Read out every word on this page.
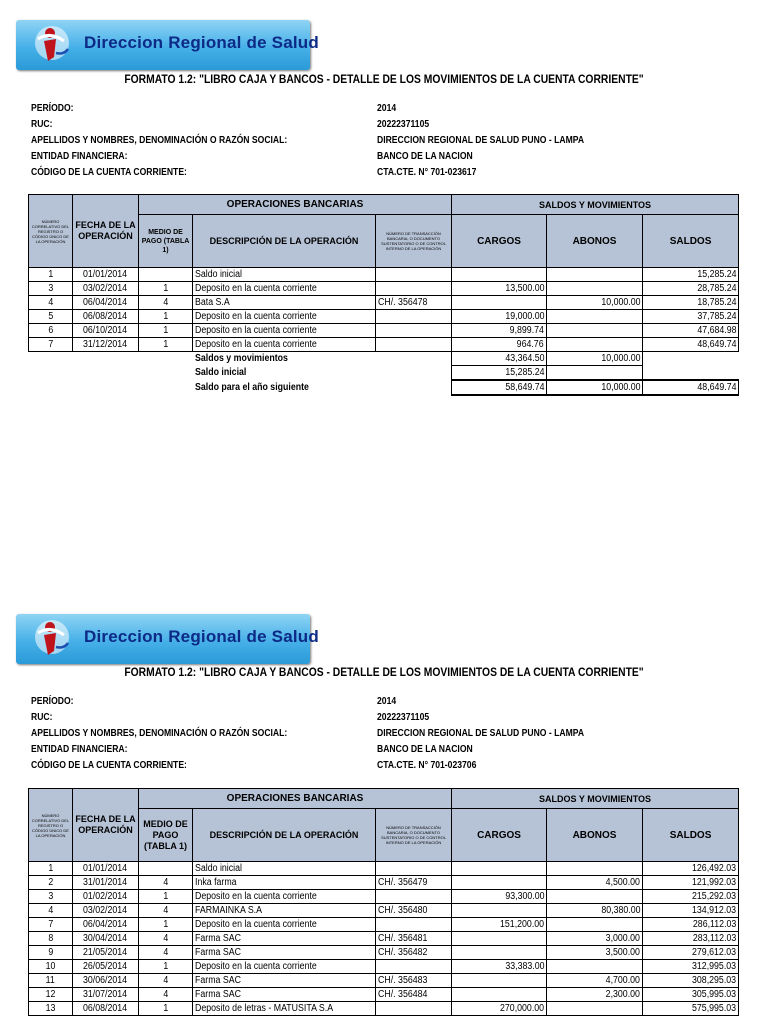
Direccion Regional de Salud
FORMATO 1.2: "LIBRO CAJA Y BANCOS - DETALLE DE LOS MOVIMIENTOS DE LA CUENTA CORRIENTE"
PERÍODO:	2014
RUC:	20222371105
APELLIDOS Y NOMBRES, DENOMINACIÓN O RAZÓN SOCIAL:	DIRECCION REGIONAL DE SALUD PUNO - LAMPA
ENTIDAD FINANCIERA:	BANCO DE LA NACION
CÓDIGO DE LA CUENTA CORRIENTE:	CTA.CTE. N° 701-023617
NÚMERO CORRELATIVO DEL REGISTRO O CÓDIGO ÚNICO DE LA OPERACIÓN	FECHA DE LA OPERACIÓN	OPERACIONES BANCARIAS			SALDOS Y MOVIMIENTOS		
		MEDIO DE PAGO (TABLA 1)	DESCRIPCIÓN DE LA OPERACIÓN	NÚMERO DE TRANSACCIÓN BANCARIA, O DOCUMENTO SUSTENTATORIO O DE CONTROL INTERNO DE LA OPERACIÓN	CARGOS	ABONOS	SALDOS
1	01/01/2014		Saldo inicial				15,285.24
3	03/02/2014	1	Deposito en la cuenta corriente		13,500.00		28,785.24
4	06/04/2014	4	Bata S.A	CH/. 356478		10,000.00	18,785.24
5	06/08/2014	1	Deposito en la cuenta corriente		19,000.00		37,785.24
6	06/10/2014	1	Deposito en la cuenta corriente		9,899.74		47,684.98
7	31/12/2014	1	Deposito en la cuenta corriente		964.76		48,649.74
			Saldos y movimientos		43,364.50	10,000.00	
			Saldo inicial		15,285.24		
			Saldo para el año siguiente		58,649.74	10,000.00	48,649.74
Direccion Regional de Salud
FORMATO 1.2: "LIBRO CAJA Y BANCOS - DETALLE DE LOS MOVIMIENTOS DE LA CUENTA CORRIENTE"
PERÍODO:	2014
RUC:	20222371105
APELLIDOS Y NOMBRES, DENOMINACIÓN O RAZÓN SOCIAL:	DIRECCION REGIONAL DE SALUD PUNO - LAMPA
ENTIDAD FINANCIERA:	BANCO DE LA NACION
CÓDIGO DE LA CUENTA CORRIENTE:	CTA.CTE. N° 701-023706
NÚMERO CORRELATIVO DEL REGISTRO O CÓDIGO ÚNICO DE LA OPERACIÓN	FECHA DE LA OPERACIÓN	OPERACIONES BANCARIAS			SALDOS Y MOVIMIENTOS		
		MEDIO DE PAGO (TABLA 1)	DESCRIPCIÓN DE LA OPERACIÓN	NÚMERO DE TRANSACCIÓN BANCARIA, O DOCUMENTO SUSTENTATORIO O DE CONTROL INTERNO DE LA OPERACIÓN	CARGOS	ABONOS	SALDOS
1	01/01/2014		Saldo inicial				126,492.03
2	31/01/2014	4	Inka farma	CH/. 356479		4,500.00	121,992.03
3	01/02/2014	1	Deposito en la cuenta corriente		93,300.00		215,292.03
4	03/02/2014	4	FARMAINKA S.A	CH/. 356480		80,380.00	134,912.03
7	06/04/2014	1	Deposito en la cuenta corriente		151,200.00		286,112.03
8	30/04/2014	4	Farma SAC	CH/. 356481		3,000.00	283,112.03
9	21/05/2014	4	Farma SAC	CH/. 356482		3,500.00	279,612.03
10	26/05/2014	1	Deposito en la cuenta corriente		33,383.00		312,995.03
11	30/06/2014	4	Farma SAC	CH/. 356483		4,700.00	308,295.03
12	31/07/2014	4	Farma SAC	CH/. 356484		2,300.00	305,995.03
13	06/08/2014	1	Deposito de letras - MATUSITA S.A		270,000.00		575,995.03
